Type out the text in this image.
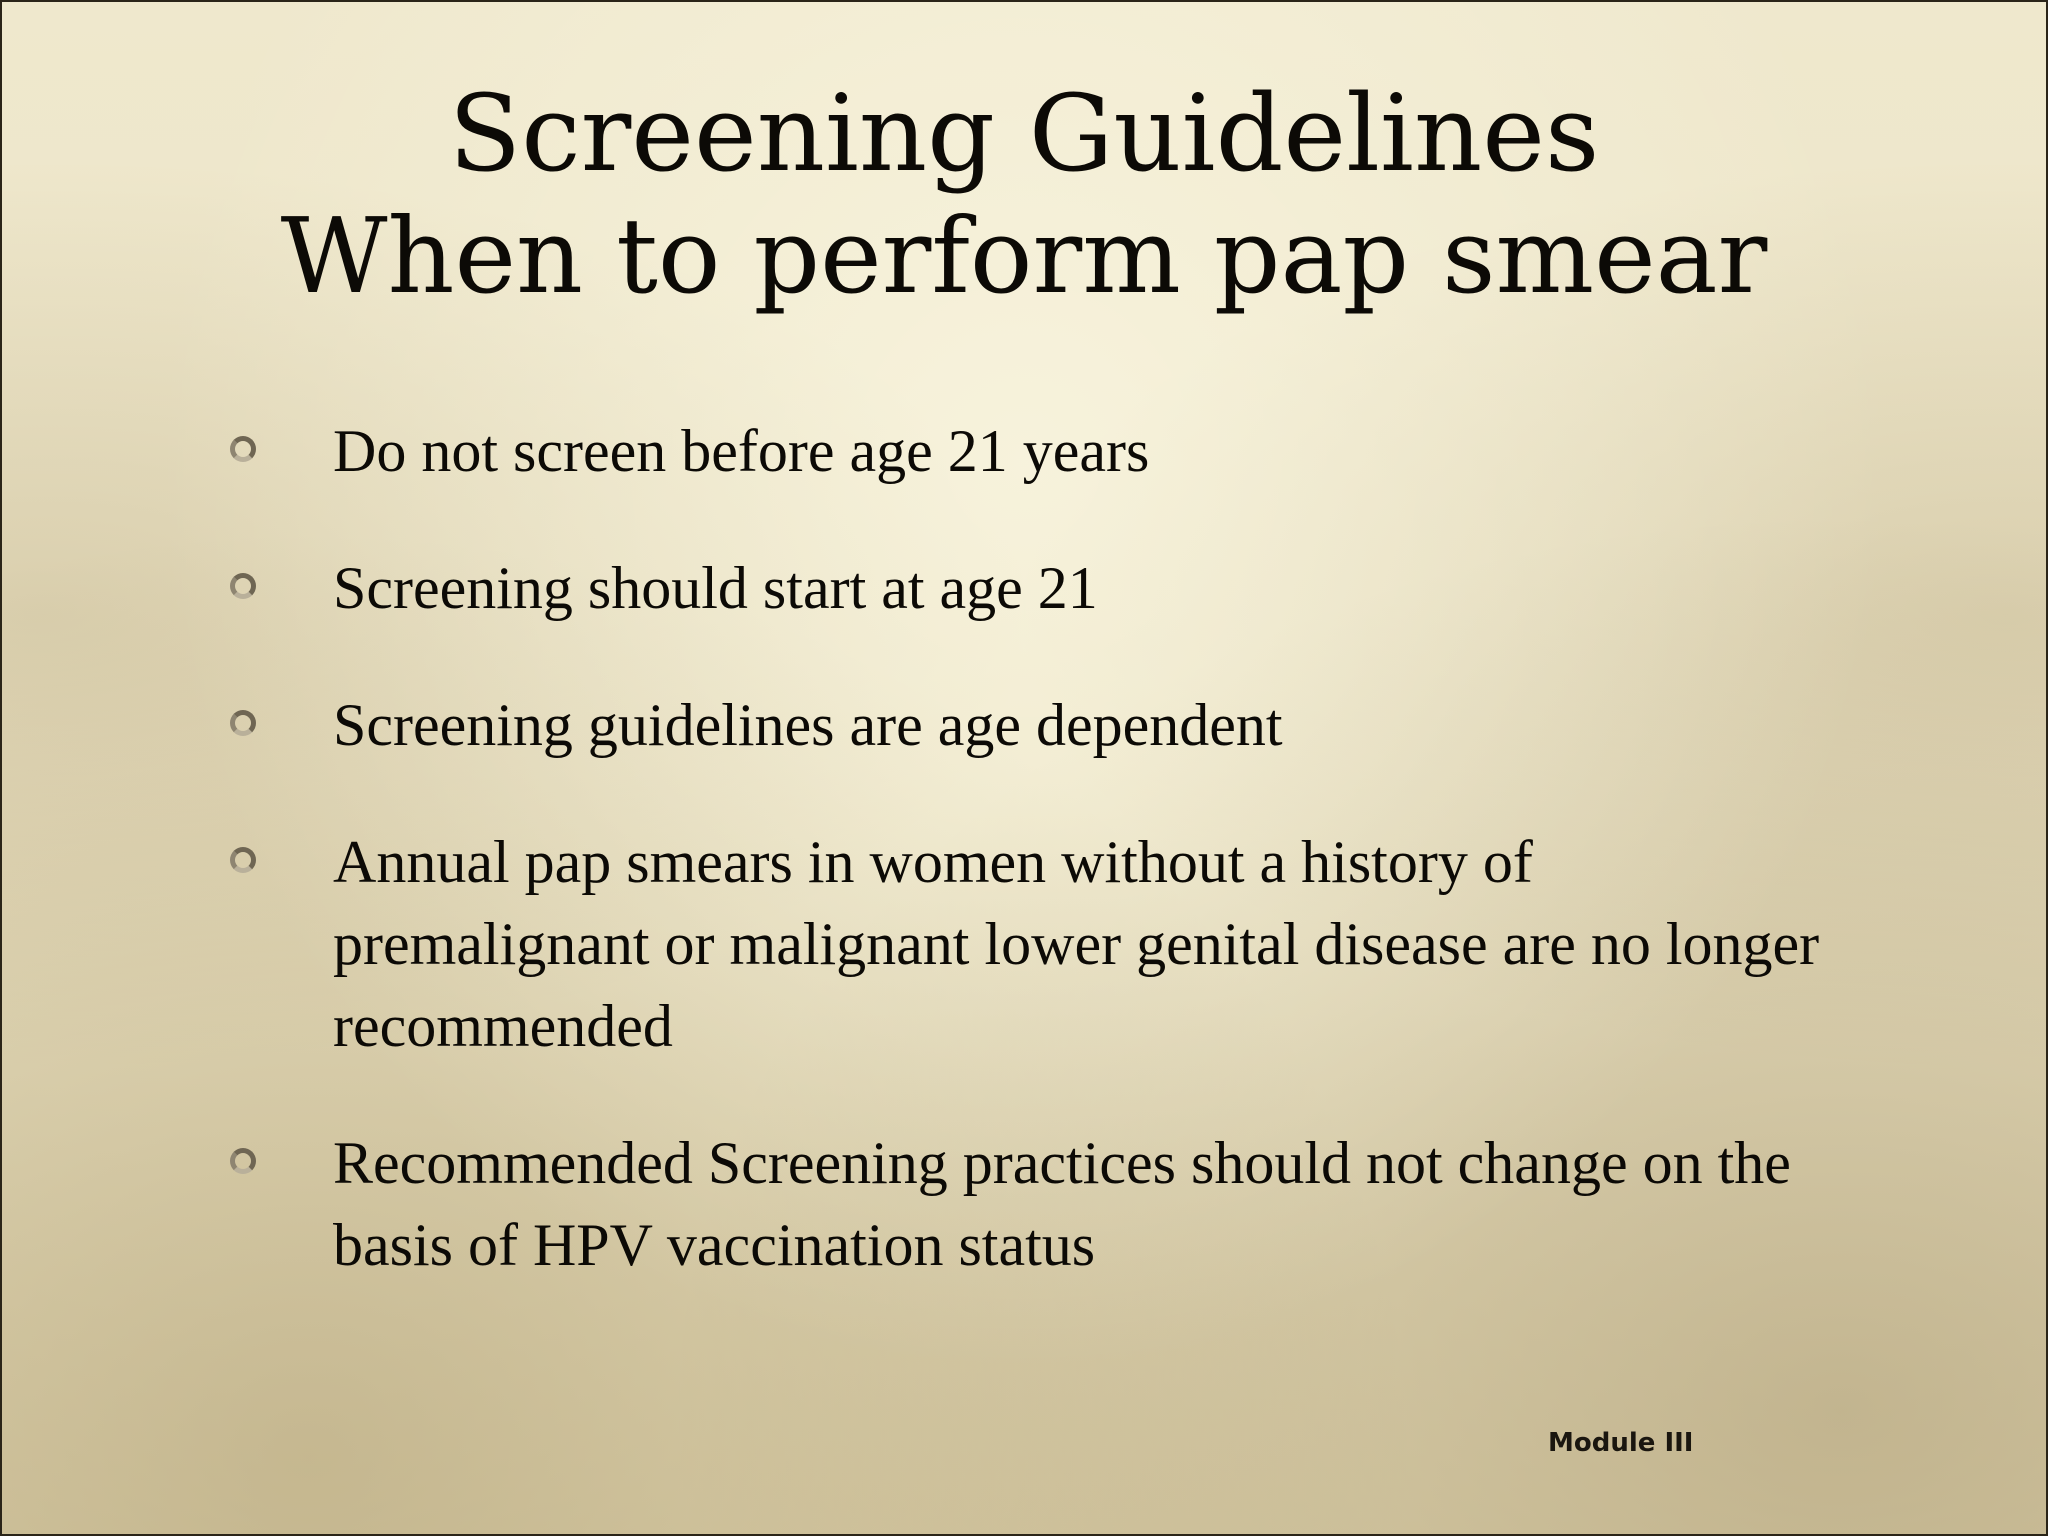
Screening Guidelines
When to perform pap smear
Do not screen before age 21 years
Screening should start at age 21
Screening guidelines are age dependent
Annual pap smears in women without a history of premalignant or malignant lower genital disease are no longer recommended
Recommended Screening practices should not change on the basis of HPV vaccination status
Module III
